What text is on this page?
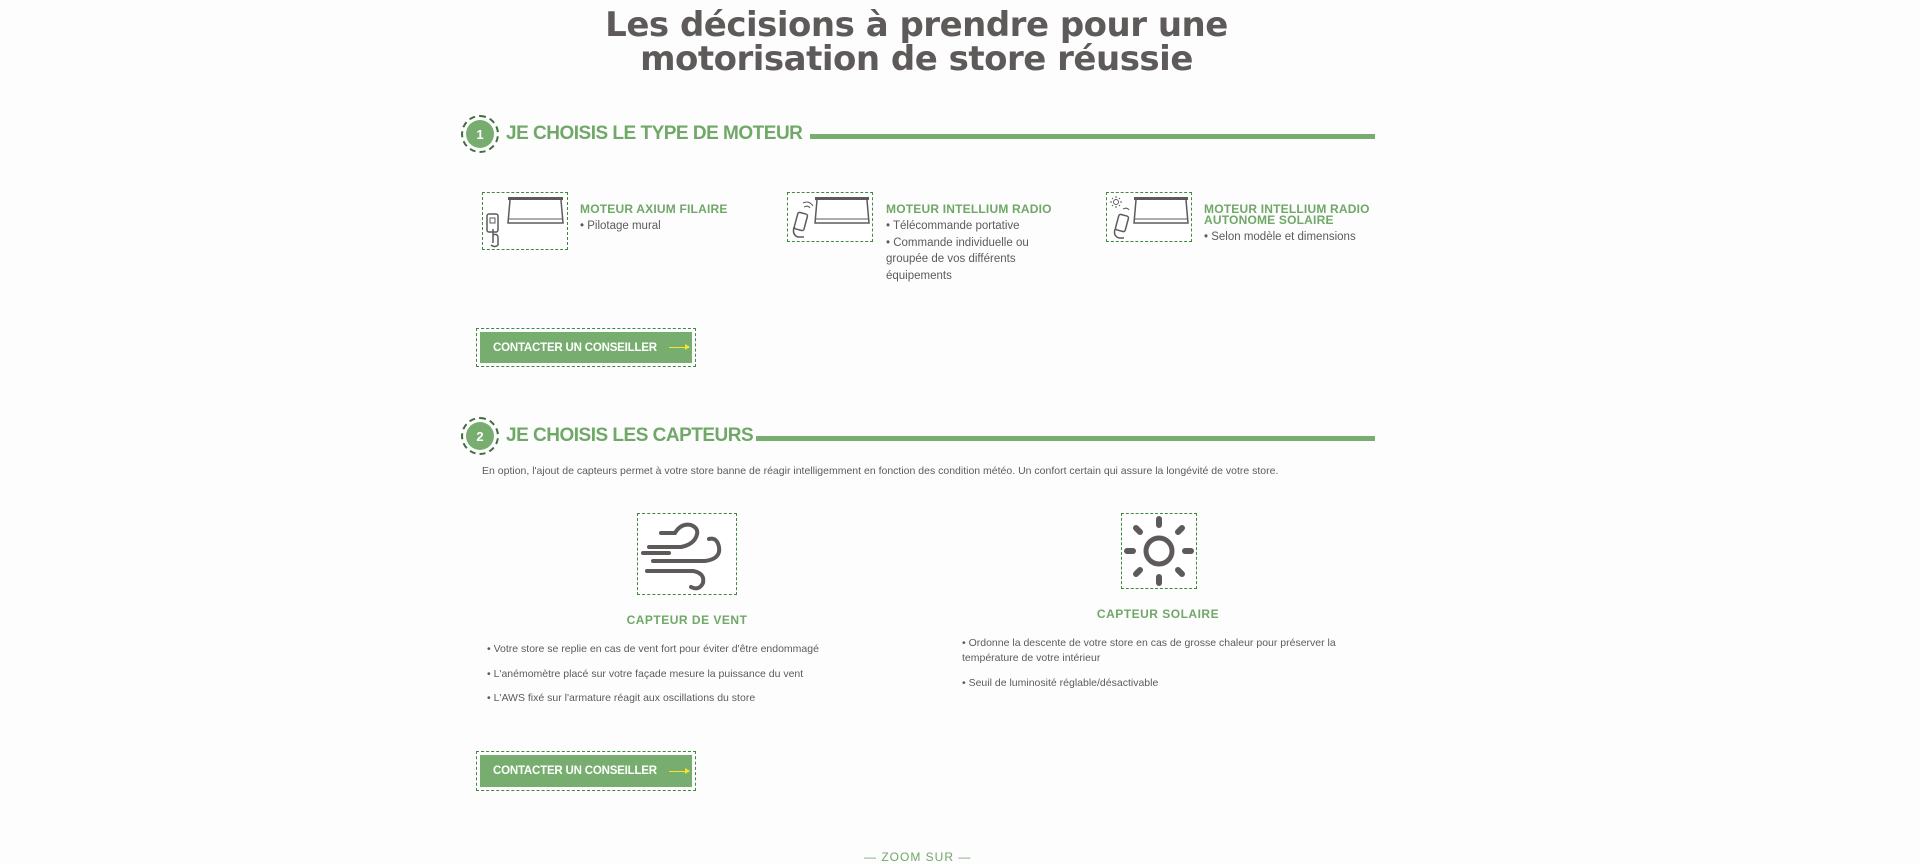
Les décisions à prendre pour une
motorisation de store réussie
1	JE CHOISIS LE TYPE DE MOTEUR
MOTEUR AXIUM FILAIRE
• Pilotage mural
MOTEUR INTELLIUM RADIO
• Télécommande portative
• Commande individuelle ou
groupée de vos différents
équipements
MOTEUR INTELLIUM RADIO
AUTONOME SOLAIRE
• Selon modèle et dimensions
CONTACTER UN CONSEILLER
2	JE CHOISIS LES CAPTEURS
En option, l'ajout de capteurs permet à votre store banne de réagir intelligemment en fonction des condition météo. Un confort certain qui assure la longévité de votre store.
CAPTEUR DE VENT
• Votre store se replie en cas de vent fort pour éviter d'être endommagé
• L'anémomètre placé sur votre façade mesure la puissance du vent
• L'AWS fixé sur l'armature réagit aux oscillations du store
CAPTEUR SOLAIRE
• Ordonne la descente de votre store en cas de grosse chaleur pour préserver la température de votre intérieur
• Seuil de luminosité réglable/désactivable
CONTACTER UN CONSEILLER
— ZOOM SUR —
